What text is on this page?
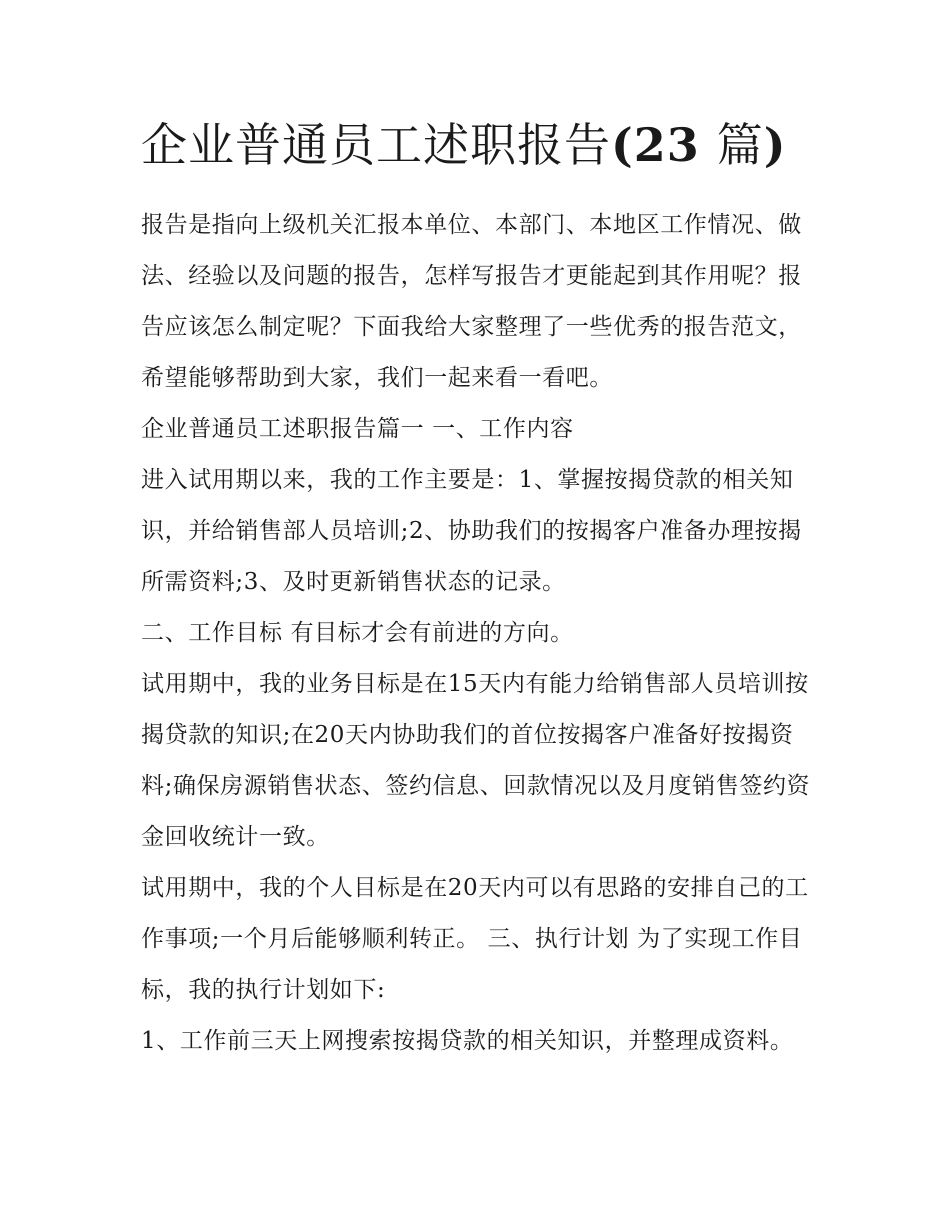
企业普通员工述职报告(23 篇)

报告是指向上级机关汇报本单位、本部门、本地区工作情况、做法、经验以及问题的报告，怎样写报告才更能起到其作用呢？报告应该怎么制定呢？下面我给大家整理了一些优秀的报告范文，希望能够帮助到大家，我们一起来看一看吧。

企业普通员工述职报告篇一 一、工作内容

进入试用期以来，我的工作主要是：1、掌握按揭贷款的相关知识，并给销售部人员培训;2、协助我们的按揭客户准备办理按揭所需资料;3、及时更新销售状态的记录。

二、工作目标 有目标才会有前进的方向。

试用期中，我的业务目标是在15天内有能力给销售部人员培训按揭贷款的知识;在20天内协助我们的首位按揭客户准备好按揭资料;确保房源销售状态、签约信息、回款情况以及月度销售签约资金回收统计一致。

试用期中，我的个人目标是在20天内可以有思路的安排自己的工作事项;一个月后能够顺利转正。 三、执行计划 为了实现工作目标，我的执行计划如下:

1、工作前三天上网搜索按揭贷款的相关知识，并整理成资料。
